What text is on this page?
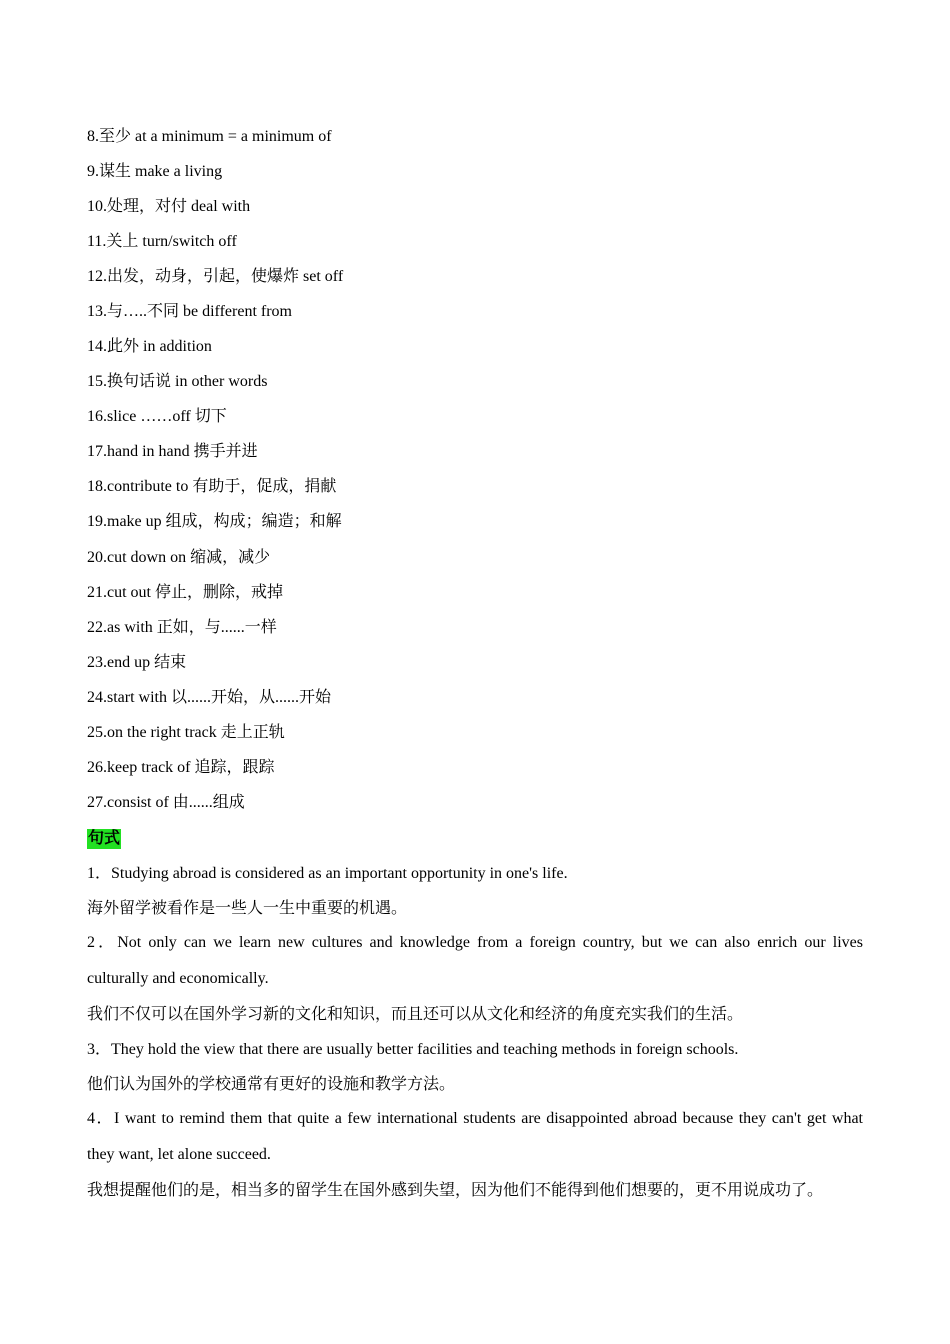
8.至少 at a minimum = a minimum of
9.谋生 make a living
10.处理，对付 deal with
11.关上 turn/switch off
12.出发，动身，引起，使爆炸 set off
13.与…..不同 be different from
14.此外 in addition
15.换句话说 in other words
16.slice ……off 切下
17.hand in hand 携手并进
18.contribute to 有助于，促成，捐献
19.make up 组成，构成；编造；和解
20.cut down on 缩减，减少
21.cut out 停止，删除，戒掉
22.as with 正如，与......一样
23.end up 结束
24.start with 以......开始，从......开始
25.on the right track 走上正轨
26.keep track of 追踪，跟踪
27.consist of 由......组成
句式
1．Studying abroad is considered as an important opportunity in one's life.
海外留学被看作是一些人一生中重要的机遇。
2．Not only can we learn new cultures and knowledge from a foreign country, but we can also enrich our lives culturally and economically.
我们不仅可以在国外学习新的文化和知识，而且还可以从文化和经济的角度充实我们的生活。
3．They hold the view that there are usually better facilities and teaching methods in foreign schools.
他们认为国外的学校通常有更好的设施和教学方法。
4．I want to remind them that quite a few international students are disappointed abroad because they can't get what they want, let alone succeed.
我想提醒他们的是，相当多的留学生在国外感到失望，因为他们不能得到他们想要的，更不用说成功了。
